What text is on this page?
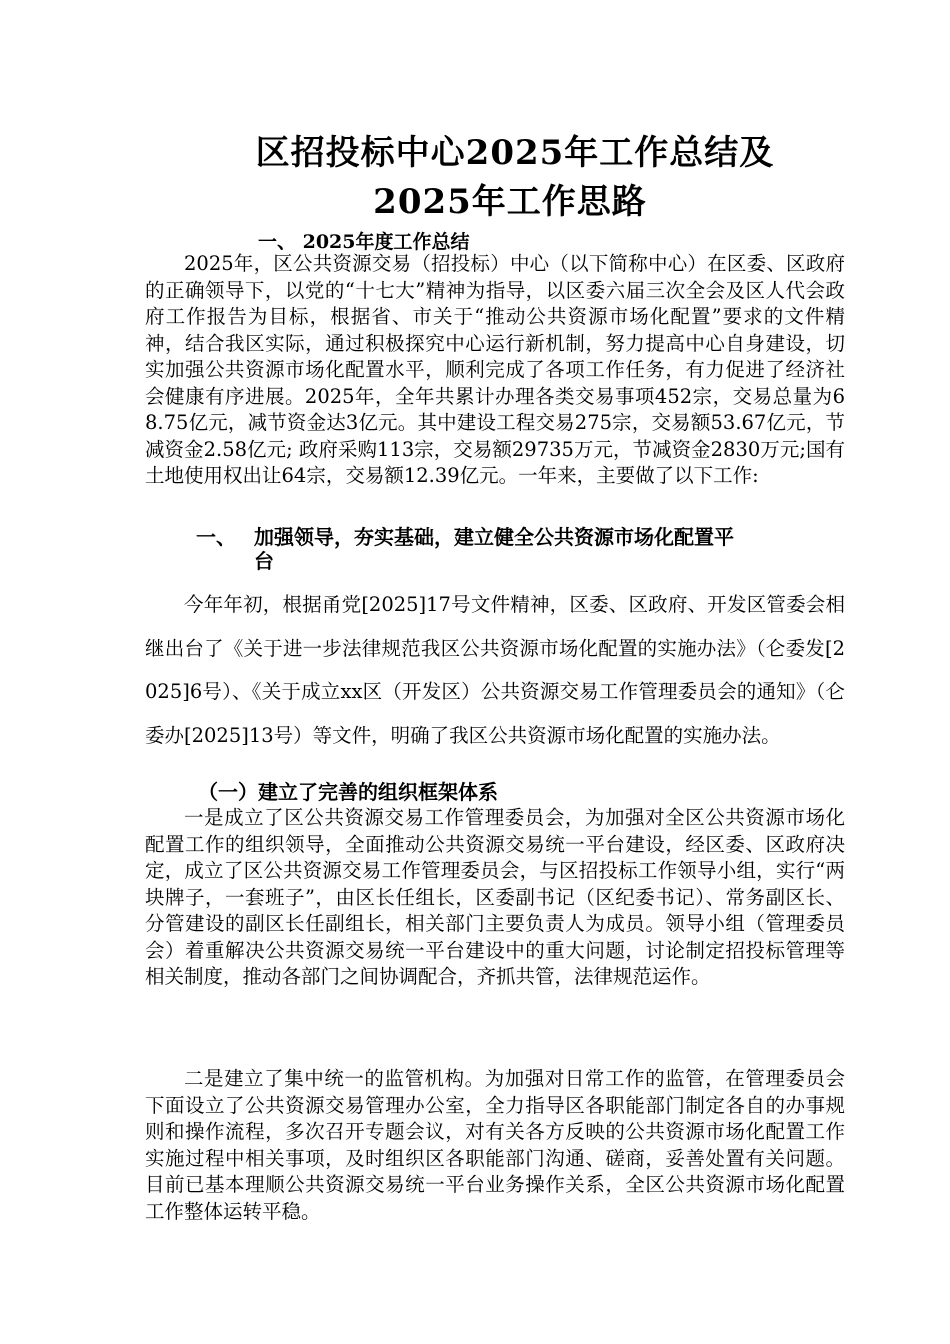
区招投标中心2025年工作总结及
2025年工作思路
一、 2025年度工作总结
2025年，区公共资源交易（招投标）中心（以下简称中心）在区委、区政府的正确领导下，以党的“十七大”精神为指导，以区委六届三次全会及区人代会政府工作报告为目标，根据省、市关于“推动公共资源市场化配置”要求的文件精神，结合我区实际，通过积极探究中心运行新机制，努力提高中心自身建设，切实加强公共资源市场化配置水平，顺利完成了各项工作任务，有力促进了经济社会健康有序进展。2025年，全年共累计办理各类交易事项452宗，交易总量为68.75亿元，减节资金达3亿元。其中建设工程交易275宗，交易额53.67亿元，节减资金2.58亿元; 政府采购113宗，交易额29735万元，节减资金2830万元;国有土地使用权出让64宗，交易额12.39亿元。一年来，主要做了以下工作:
一、 加强领导，夯实基础，建立健全公共资源市场化配置平
台
今年年初，根据甬党[2025]17号文件精神，区委、区政府、开发区管委会相继出台了《关于进一步法律规范我区公共资源市场化配置的实施办法》（仑委发[2025]6号）、《关于成立xx区（开发区）公共资源交易工作管理委员会的通知》（仑委办[2025]13号）等文件，明确了我区公共资源市场化配置的实施办法。
（一）建立了完善的组织框架体系
一是成立了区公共资源交易工作管理委员会，为加强对全区公共资源市场化配置工作的组织领导，全面推动公共资源交易统一平台建设，经区委、区政府决定，成立了区公共资源交易工作管理委员会，与区招投标工作领导小组，实行“两块牌子，一套班子”，由区长任组长，区委副书记（区纪委书记）、常务副区长、分管建设的副区长任副组长，相关部门主要负责人为成员。领导小组（管理委员会）着重解决公共资源交易统一平台建设中的重大问题，讨论制定招投标管理等相关制度，推动各部门之间协调配合，齐抓共管，法律规范运作。
二是建立了集中统一的监管机构。为加强对日常工作的监管，在管理委员会下面设立了公共资源交易管理办公室，全力指导区各职能部门制定各自的办事规则和操作流程，多次召开专题会议，对有关各方反映的公共资源市场化配置工作实施过程中相关事项，及时组织区各职能部门沟通、磋商，妥善处置有关问题。目前已基本理顺公共资源交易统一平台业务操作关系，全区公共资源市场化配置工作整体运转平稳。
